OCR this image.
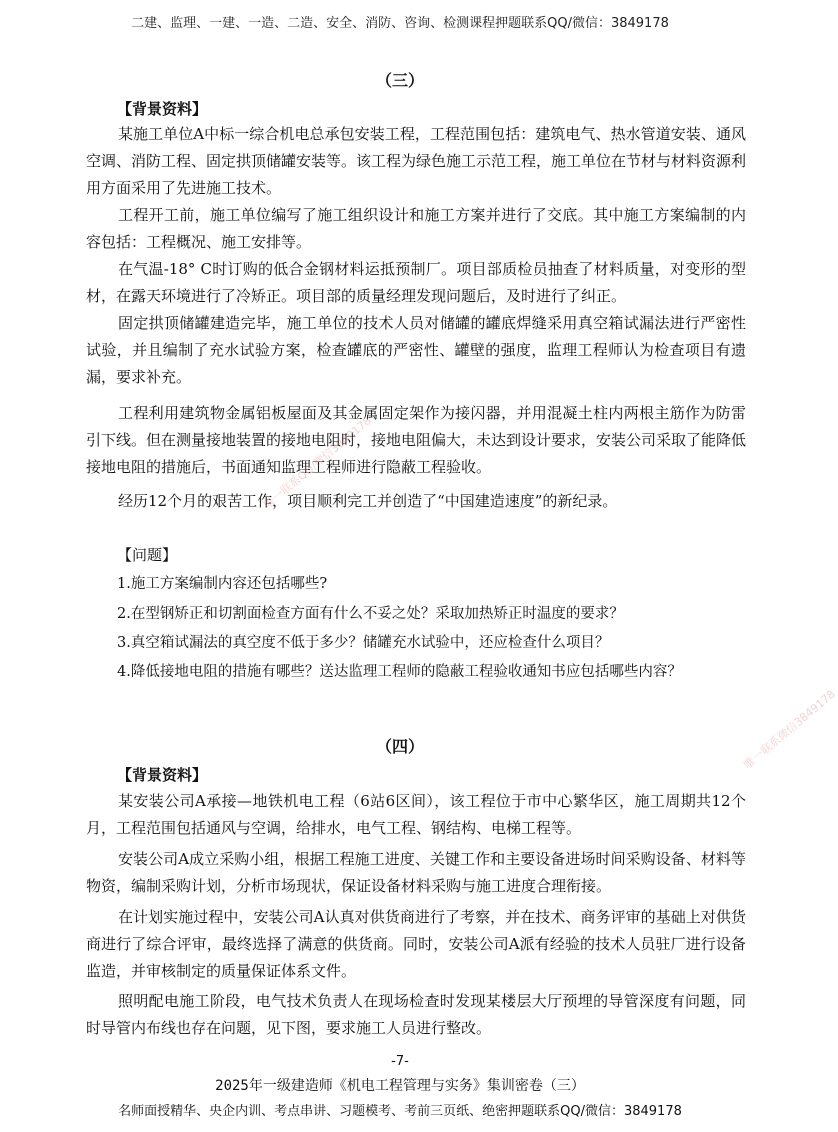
二建、监理、一建、一造、二造、安全、消防、咨询、检测课程押题联系QQ/微信：3849178
（三）
【背景资料】
某施工单位A中标一综合机电总承包安装工程，工程范围包括：建筑电气、热水管道安装、通风空调、消防工程、固定拱顶储罐安装等。该工程为绿色施工示范工程，施工单位在节材与材料资源利用方面采用了先进施工技术。
工程开工前，施工单位编写了施工组织设计和施工方案并进行了交底。其中施工方案编制的内容包括：工程概况、施工安排等。
在气温-18° C时订购的低合金钢材料运抵预制厂。项目部质检员抽查了材料质量，对变形的型材，在露天环境进行了冷矫正。项目部的质量经理发现问题后，及时进行了纠正。
固定拱顶储罐建造完毕，施工单位的技术人员对储罐的罐底焊缝采用真空箱试漏法进行严密性试验，并且编制了充水试验方案，检查罐底的严密性、罐壁的强度，监理工程师认为检查项目有遗漏，要求补充。
工程利用建筑物金属铝板屋面及其金属固定架作为接闪器，并用混凝土柱内两根主筋作为防雷引下线。但在测量接地装置的接地电阻时，接地电阻偏大，未达到设计要求，安装公司采取了能降低接地电阻的措施后，书面通知监理工程师进行隐蔽工程验收。
经历12个月的艰苦工作，项目顺利完工并创造了“中国建造速度”的新纪录。
【问题】
1.施工方案编制内容还包括哪些?
2.在型钢矫正和切割面检查方面有什么不妥之处？采取加热矫正时温度的要求？
3.真空箱试漏法的真空度不低于多少？储罐充水试验中，还应检查什么项目？
4.降低接地电阻的措施有哪些？送达监理工程师的隐蔽工程验收通知书应包括哪些内容？
（四）
【背景资料】
某安装公司A承接—地铁机电工程（6站6区间），该工程位于市中心繁华区，施工周期共12个月，工程范围包括通风与空调，给排水，电气工程、钢结构、电梯工程等。
安装公司A成立采购小组，根据工程施工进度、关键工作和主要设备进场时间采购设备、材料等物资，编制采购计划，分析市场现状，保证设备材料采购与施工进度合理衔接。
在计划实施过程中，安装公司A认真对供货商进行了考察，并在技术、商务评审的基础上对供货商进行了综合评审，最终选择了满意的供货商。同时，安装公司A派有经验的技术人员驻厂进行设备监造，并审核制定的质量保证体系文件。
照明配电施工阶段，电气技术负责人在现场检查时发现某楼层大厅预埋的导管深度有问题，同时导管内布线也存在问题，见下图，要求施工人员进行整改。
唯一联系QQ/微信3849178
唯一联系微信3849178
-7-
2025年一级建造师《机电工程管理与实务》集训密卷（三）
名师面授精华、央企内训、考点串讲、习题模考、考前三页纸、绝密押题联系QQ/微信：3849178
